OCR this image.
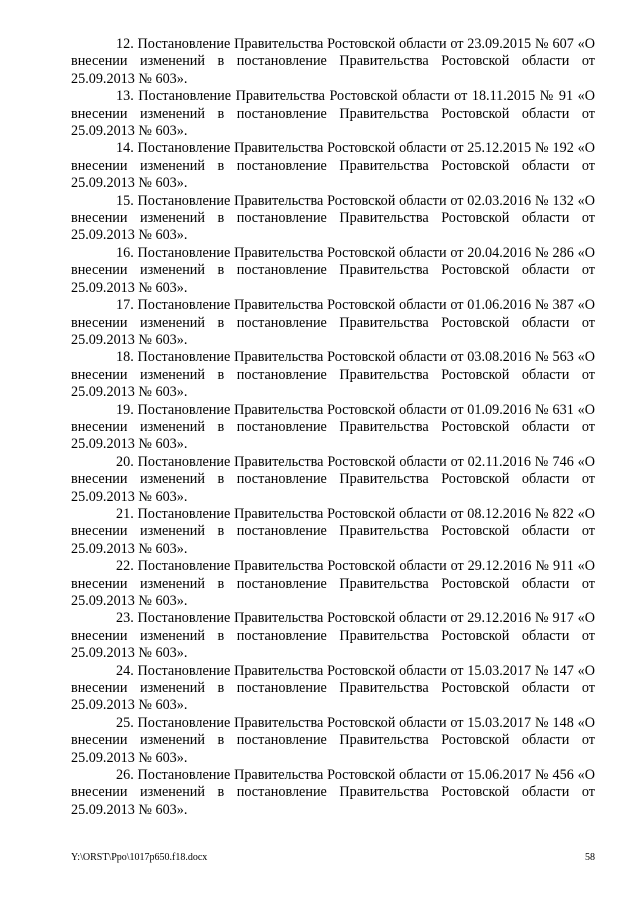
12. Постановление Правительства Ростовской области от 23.09.2015 № 607 «О внесении изменений в постановление Правительства Ростовской области от 25.09.2013 № 603».

13. Постановление Правительства Ростовской области от 18.11.2015 № 91 «О внесении изменений в постановление Правительства Ростовской области от 25.09.2013 № 603».

14. Постановление Правительства Ростовской области от 25.12.2015 № 192 «О внесении изменений в постановление Правительства Ростовской области от 25.09.2013 № 603».

15. Постановление Правительства Ростовской области от 02.03.2016 № 132 «О внесении изменений в постановление Правительства Ростовской области от 25.09.2013 № 603».

16. Постановление Правительства Ростовской области от 20.04.2016 № 286 «О внесении изменений в постановление Правительства Ростовской области от 25.09.2013 № 603».

17. Постановление Правительства Ростовской области от 01.06.2016 № 387 «О внесении изменений в постановление Правительства Ростовской области от 25.09.2013 № 603».

18. Постановление Правительства Ростовской области от 03.08.2016 № 563 «О внесении изменений в постановление Правительства Ростовской области от 25.09.2013 № 603».

19. Постановление Правительства Ростовской области от 01.09.2016 № 631 «О внесении изменений в постановление Правительства Ростовской области от 25.09.2013 № 603».

20. Постановление Правительства Ростовской области от 02.11.2016 № 746 «О внесении изменений в постановление Правительства Ростовской области от 25.09.2013 № 603».

21. Постановление Правительства Ростовской области от 08.12.2016 № 822 «О внесении изменений в постановление Правительства Ростовской области от 25.09.2013 № 603».

22. Постановление Правительства Ростовской области от 29.12.2016 № 911 «О внесении изменений в постановление Правительства Ростовской области от 25.09.2013 № 603».

23. Постановление Правительства Ростовской области от 29.12.2016 № 917 «О внесении изменений в постановление Правительства Ростовской области от 25.09.2013 № 603».

24. Постановление Правительства Ростовской области от 15.03.2017 № 147 «О внесении изменений в постановление Правительства Ростовской области от 25.09.2013 № 603».

25. Постановление Правительства Ростовской области от 15.03.2017 № 148 «О внесении изменений в постановление Правительства Ростовской области от 25.09.2013 № 603».

26. Постановление Правительства Ростовской области от 15.06.2017 № 456 «О внесении изменений в постановление Правительства Ростовской области от 25.09.2013 № 603».

Y:\ORST\Ppo\1017p650.f18.docx	58
